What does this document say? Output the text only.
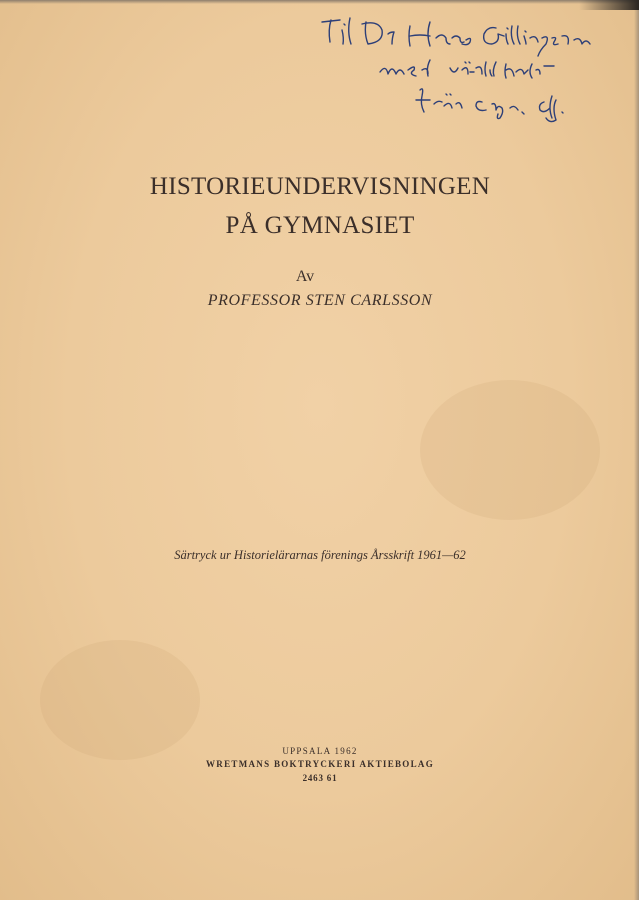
HISTORIEUNDERVISNINGEN
PÅ GYMNASIET
Av
PROFESSOR STEN CARLSSON
Särtryck ur Historielärarnas förenings Årsskrift 1961—62
UPPSALA 1962
WRETMANS BOKTRYCKERI AKTIEBOLAG
2463 61
